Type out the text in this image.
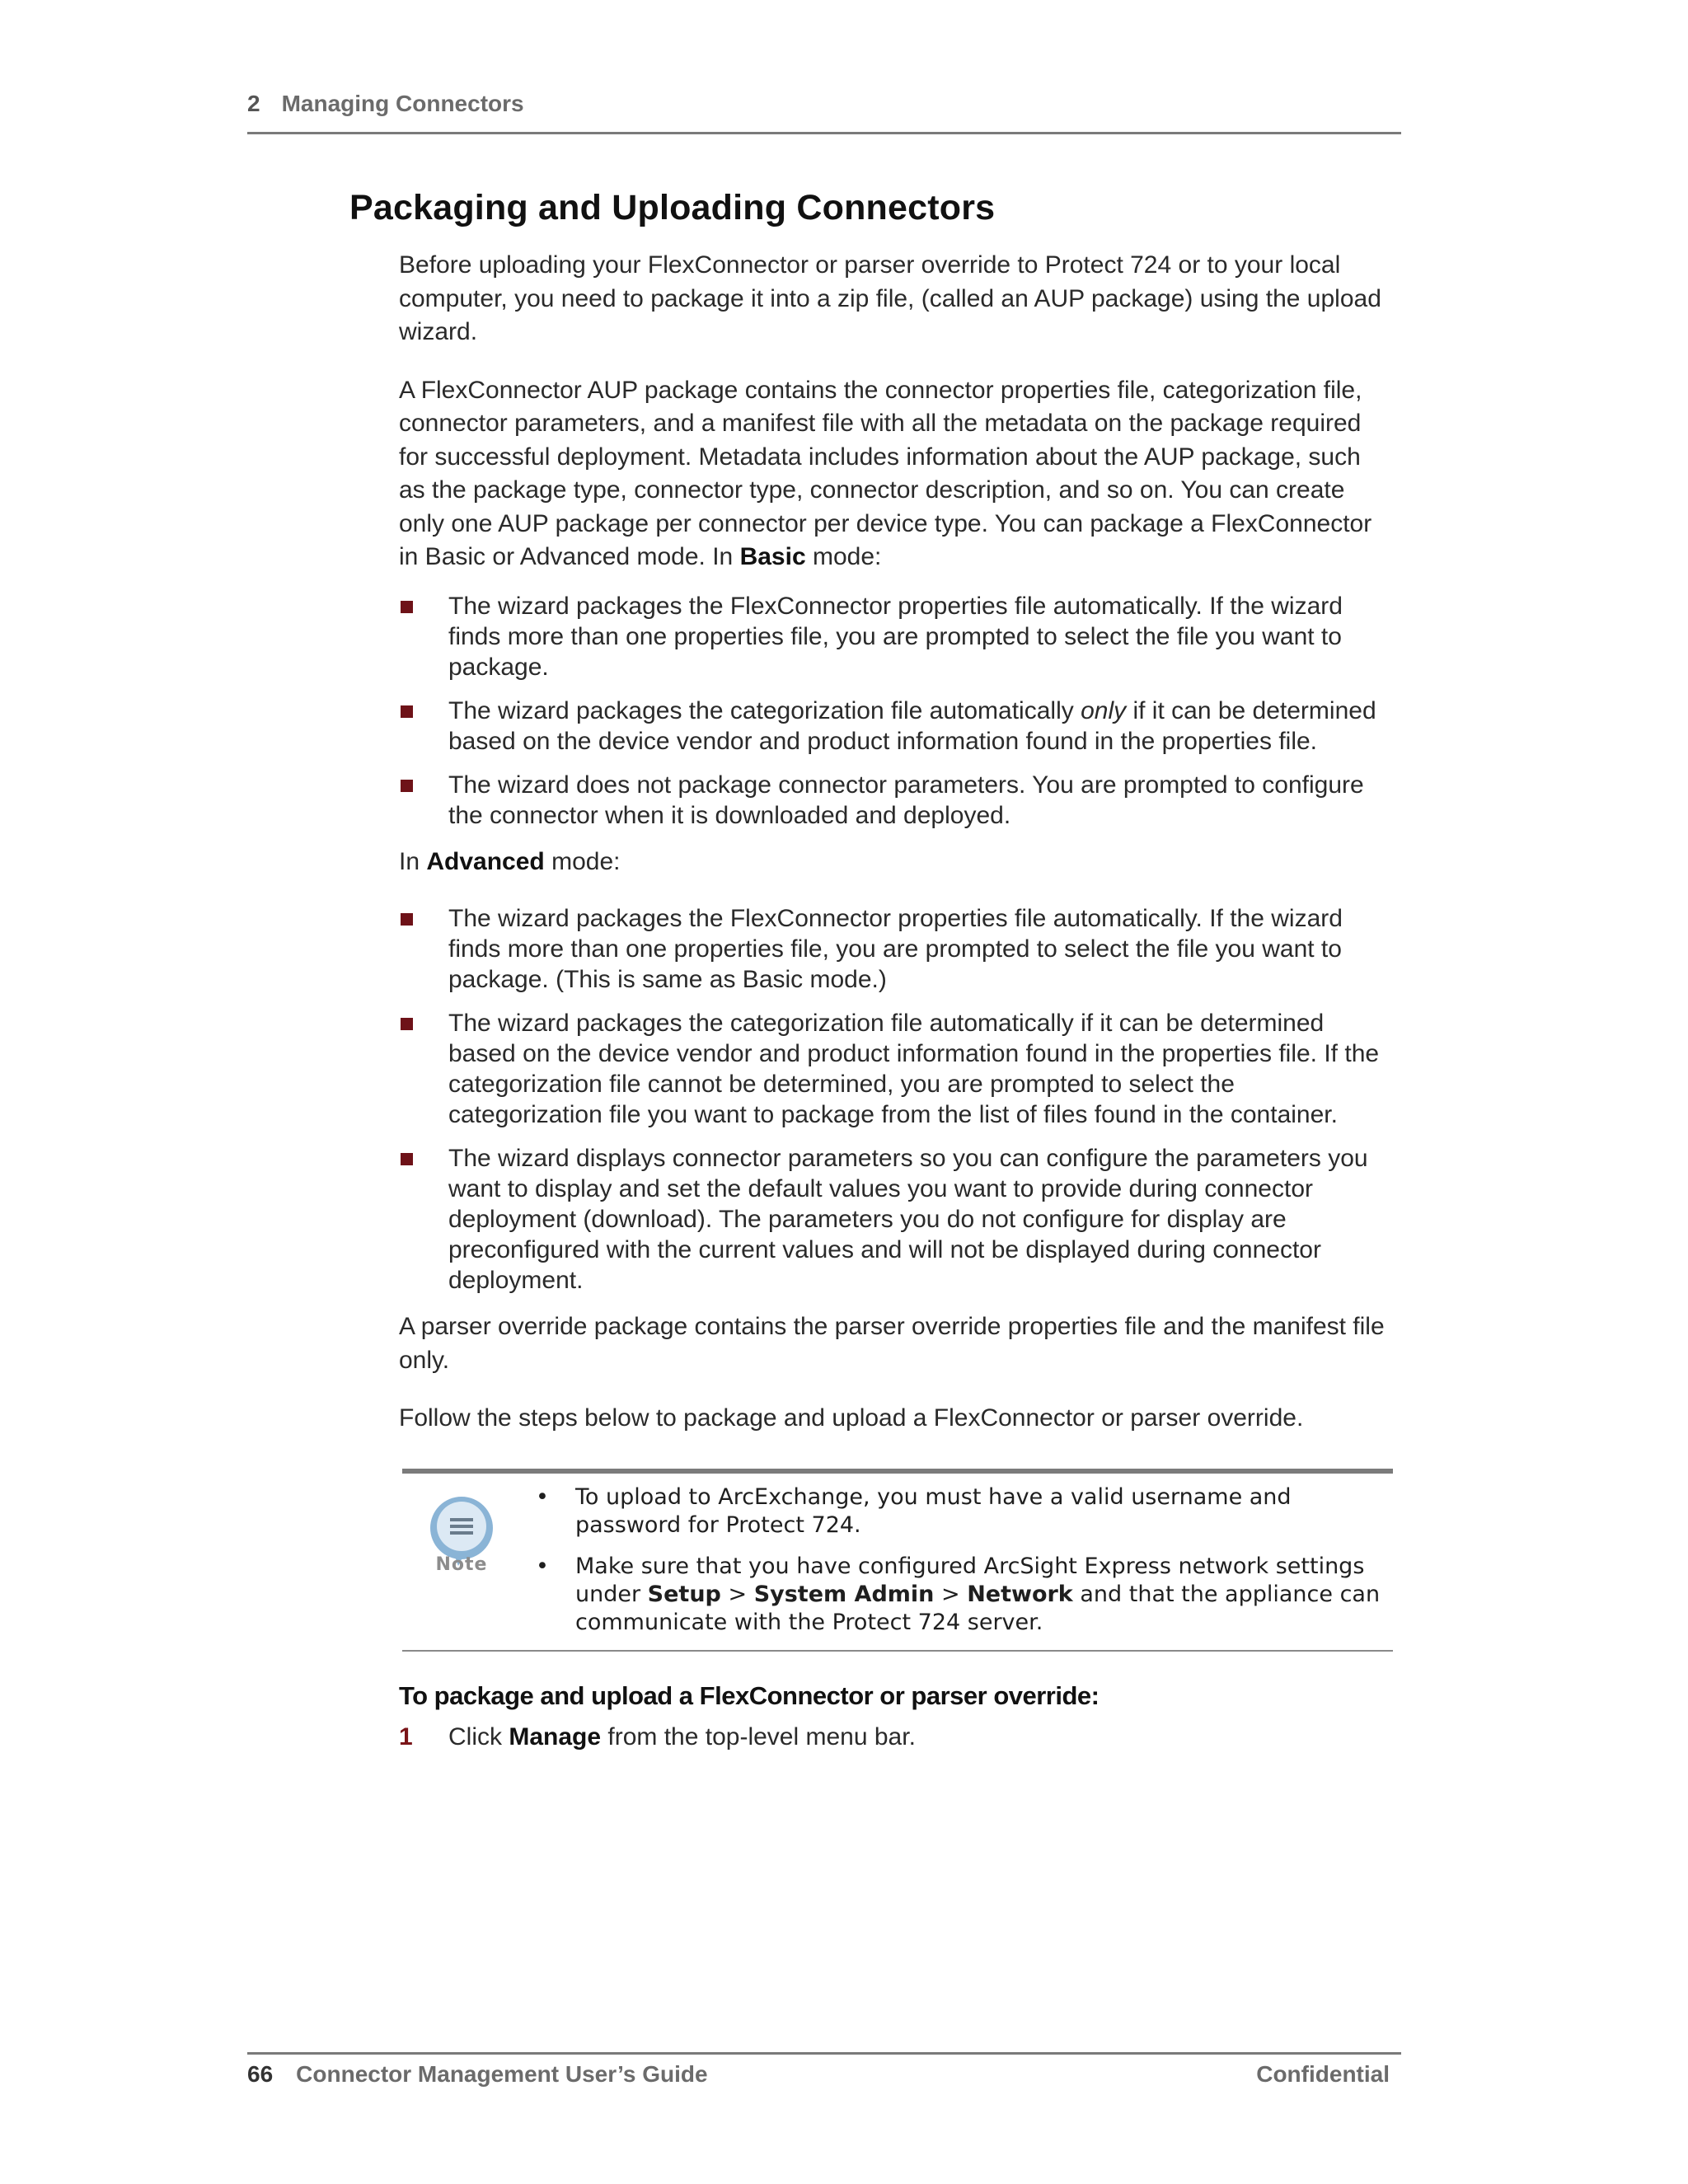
2 Managing Connectors
Packaging and Uploading Connectors

Before uploading your FlexConnector or parser override to Protect 724 or to your local computer, you need to package it into a zip file, (called an AUP package) using the upload wizard.

A FlexConnector AUP package contains the connector properties file, categorization file, connector parameters, and a manifest file with all the metadata on the package required for successful deployment. Metadata includes information about the AUP package, such as the package type, connector type, connector description, and so on. You can create only one AUP package per connector per device type. You can package a FlexConnector in Basic or Advanced mode. In Basic mode:

The wizard packages the FlexConnector properties file automatically. If the wizard finds more than one properties file, you are prompted to select the file you want to package.
The wizard packages the categorization file automatically only if it can be determined based on the device vendor and product information found in the properties file.
The wizard does not package connector parameters. You are prompted to configure the connector when it is downloaded and deployed.

In Advanced mode:

The wizard packages the FlexConnector properties file automatically. If the wizard finds more than one properties file, you are prompted to select the file you want to package. (This is same as Basic mode.)
The wizard packages the categorization file automatically if it can be determined based on the device vendor and product information found in the properties file. If the categorization file cannot be determined, you are prompted to select the categorization file you want to package from the list of files found in the container.
The wizard displays connector parameters so you can configure the parameters you want to display and set the default values you want to provide during connector deployment (download). The parameters you do not configure for display are preconfigured with the current values and will not be displayed during connector deployment.

A parser override package contains the parser override properties file and the manifest file only.

Follow the steps below to package and upload a FlexConnector or parser override.

Note
• To upload to ArcExchange, you must have a valid username and password for Protect 724.
• Make sure that you have configured ArcSight Express network settings under Setup > System Admin > Network and that the appliance can communicate with the Protect 724 server.
To package and upload a FlexConnector or parser override:
1 Click Manage from the top-level menu bar.
66 Connector Management User’s Guide	Confidential
